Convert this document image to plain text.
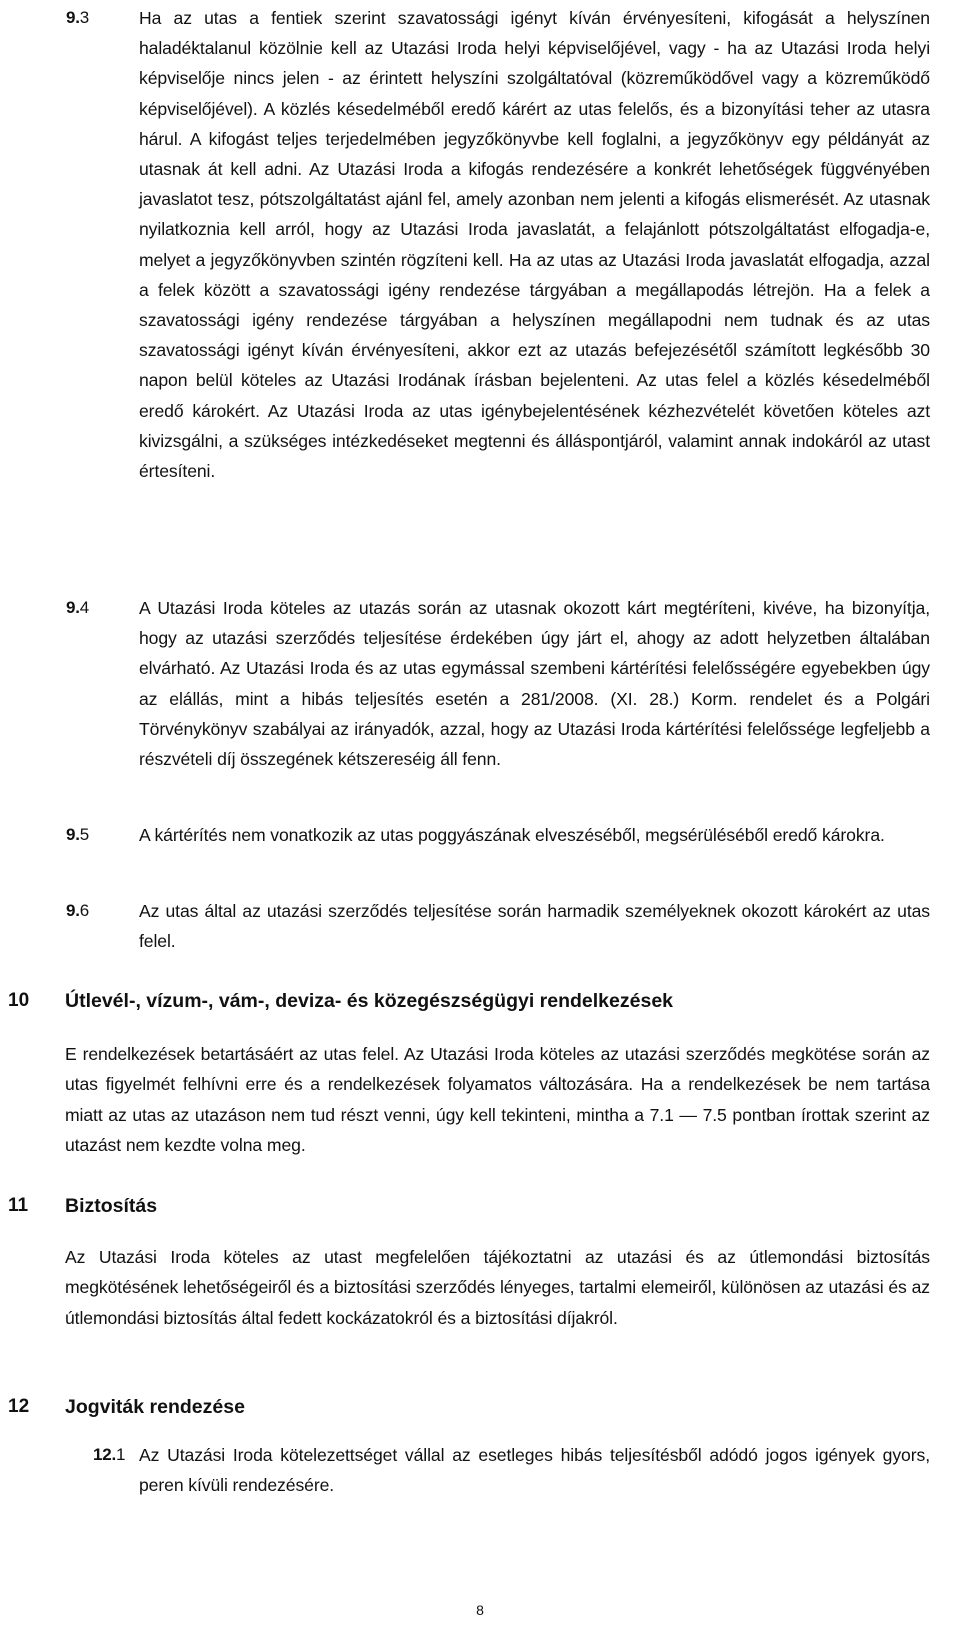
9.3	Ha az utas a fentiek szerint szavatossági igényt kíván érvényesíteni, kifogását a helyszínen haladéktalanul közölnie kell az Utazási Iroda helyi képviselőjével, vagy - ha az Utazási Iroda helyi képviselője nincs jelen - az érintett helyszíni szolgáltatóval (közreműködővel vagy a közreműködő képviselőjével). A közlés késedelméből eredő kárért az utas felelős, és a bizonyítási teher az utasra hárul. A kifogást teljes terjedelmében jegyzőkönyvbe kell foglalni, a jegyzőkönyv egy példányát az utasnak át kell adni. Az Utazási Iroda a kifogás rendezésére a konkrét lehetőségek függvényében javaslatot tesz, pótszolgáltatást ajánl fel, amely azonban nem jelenti a kifogás elismerését. Az utasnak nyilatkoznia kell arról, hogy az Utazási Iroda javaslatát, a felajánlott pótszolgáltatást elfogadja-e, melyet a jegyzőkönyvben szintén rögzíteni kell. Ha az utas az Utazási Iroda javaslatát elfogadja, azzal a felek között a szavatossági igény rendezése tárgyában a megállapodás létrejön. Ha a felek a szavatossági igény rendezése tárgyában a helyszínen megállapodni nem tudnak és az utas szavatossági igényt kíván érvényesíteni, akkor ezt az utazás befejezésétől számított legkésőbb 30 napon belül köteles az Utazási Irodának írásban bejelenteni. Az utas felel a közlés késedelméből eredő károkért. Az Utazási Iroda az utas igénybejelentésének kézhezvételét követően köteles azt kivizsgálni, a szükséges intézkedéseket megtenni és álláspontjáról, valamint annak indokáról az utast értesíteni.

9.4	A Utazási Iroda köteles az utazás során az utasnak okozott kárt megtéríteni, kivéve, ha bizonyítja, hogy az utazási szerződés teljesítése érdekében úgy járt el, ahogy az adott helyzetben általában elvárható. Az Utazási Iroda és az utas egymással szembeni kártérítési felelősségére egyebekben úgy az elállás, mint a hibás teljesítés esetén a 281/2008. (XI. 28.) Korm. rendelet és a Polgári Törvénykönyv szabályai az irányadók, azzal, hogy az Utazási Iroda kártérítési felelőssége legfeljebb a részvételi díj összegének kétszereséig áll fenn.

9.5	A kártérítés nem vonatkozik az utas poggyászának elveszéséből, megsérüléséből eredő károkra.

9.6	Az utas által az utazási szerződés teljesítése során harmadik személyeknek okozott károkért az utas felel.

10 Útlevél-, vízum-, vám-, deviza- és közegészségügyi rendelkezések

E rendelkezések betartásáért az utas felel. Az Utazási Iroda köteles az utazási szerződés megkötése során az utas figyelmét felhívni erre és a rendelkezések folyamatos változására. Ha a rendelkezések be nem tartása miatt az utas az utazáson nem tud részt venni, úgy kell tekinteni, mintha a 7.1 — 7.5 pontban írottak szerint az utazást nem kezdte volna meg.

11 Biztosítás

Az Utazási Iroda köteles az utast megfelelően tájékoztatni az utazási és az útlemondási biztosítás megkötésének lehetőségeiről és a biztosítási szerződés lényeges, tartalmi elemeiről, különösen az utazási és az útlemondási biztosítás által fedett kockázatokról és a biztosítási díjakról.

12 Jogviták rendezése
12.1 Az Utazási Iroda kötelezettséget vállal az esetleges hibás teljesítésből adódó jogos igények gyors, peren kívüli rendezésére.

8
